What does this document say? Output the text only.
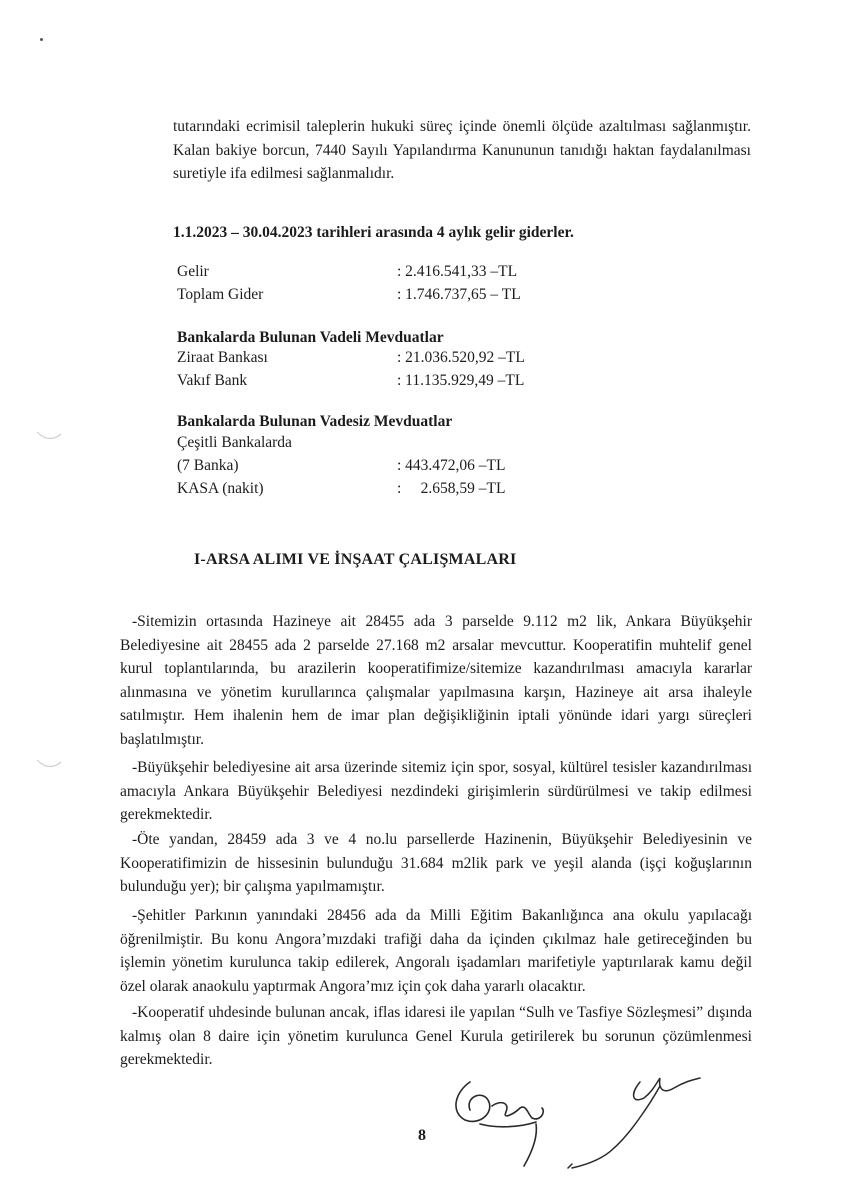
tutarındaki ecrimisil taleplerin hukuki süreç içinde önemli ölçüde azaltılması sağlanmıştır. Kalan bakiye borcun, 7440 Sayılı Yapılandırma Kanununun tanıdığı haktan faydalanılması suretiyle ifa edilmesi sağlanmalıdır.

1.1.2023 – 30.04.2023 tarihleri arasında 4 aylık gelir giderler.

Gelir	: 2.416.541,33 –TL
Toplam Gider	: 1.746.737,65 – TL

Bankalarda Bulunan Vadeli Mevduatlar

Ziraat Bankası	: 21.036.520,92 –TL
Vakıf Bank	: 11.135.929,49 –TL

Bankalarda Bulunan Vadesiz Mevduatlar

Çeşitli Bankalarda
(7 Banka)	: 443.472,06 –TL
KASA (nakit)	:     2.658,59 –TL

I-ARSA ALIMI VE İNŞAAT ÇALIŞMALARI

-Sitemizin ortasında Hazineye ait 28455 ada 3 parselde 9.112 m2 lik, Ankara Büyükşehir Belediyesine ait 28455 ada 2 parselde 27.168 m2 arsalar mevcuttur. Kooperatifin muhtelif genel kurul toplantılarında, bu arazilerin kooperatifimize/sitemize kazandırılması amacıyla kararlar alınmasına ve yönetim kurullarınca çalışmalar yapılmasına karşın, Hazineye ait arsa ihaleyle satılmıştır. Hem ihalenin hem de imar plan değişikliğinin iptali yönünde idari yargı süreçleri başlatılmıştır.

-Büyükşehir belediyesine ait arsa üzerinde sitemiz için spor, sosyal, kültürel tesisler kazandırılması amacıyla Ankara Büyükşehir Belediyesi nezdindeki girişimlerin sürdürülmesi ve takip edilmesi gerekmektedir.

-Öte yandan, 28459 ada 3 ve 4 no.lu parsellerde Hazinenin, Büyükşehir Belediyesinin ve Kooperatifimizin de hissesinin bulunduğu 31.684 m2lik park ve yeşil alanda (işçi koğuşlarının bulunduğu yer); bir çalışma yapılmamıştır.

-Şehitler Parkının yanındaki 28456 ada da Milli Eğitim Bakanlığınca ana okulu yapılacağı öğrenilmiştir. Bu konu Angora’mızdaki trafiği daha da içinden çıkılmaz hale getireceğinden bu işlemin yönetim kurulunca takip edilerek, Angoralı işadamları marifetiyle yaptırılarak kamu değil özel olarak anaokulu yaptırmak Angora’mız için çok daha yararlı olacaktır.

-Kooperatif uhdesinde bulunan ancak, iflas idaresi ile yapılan “Sulh ve Tasfiye Sözleşmesi” dışında kalmış olan 8 daire için yönetim kurulunca Genel Kurula getirilerek bu sorunun çözümlenmesi gerekmektedir.

8
